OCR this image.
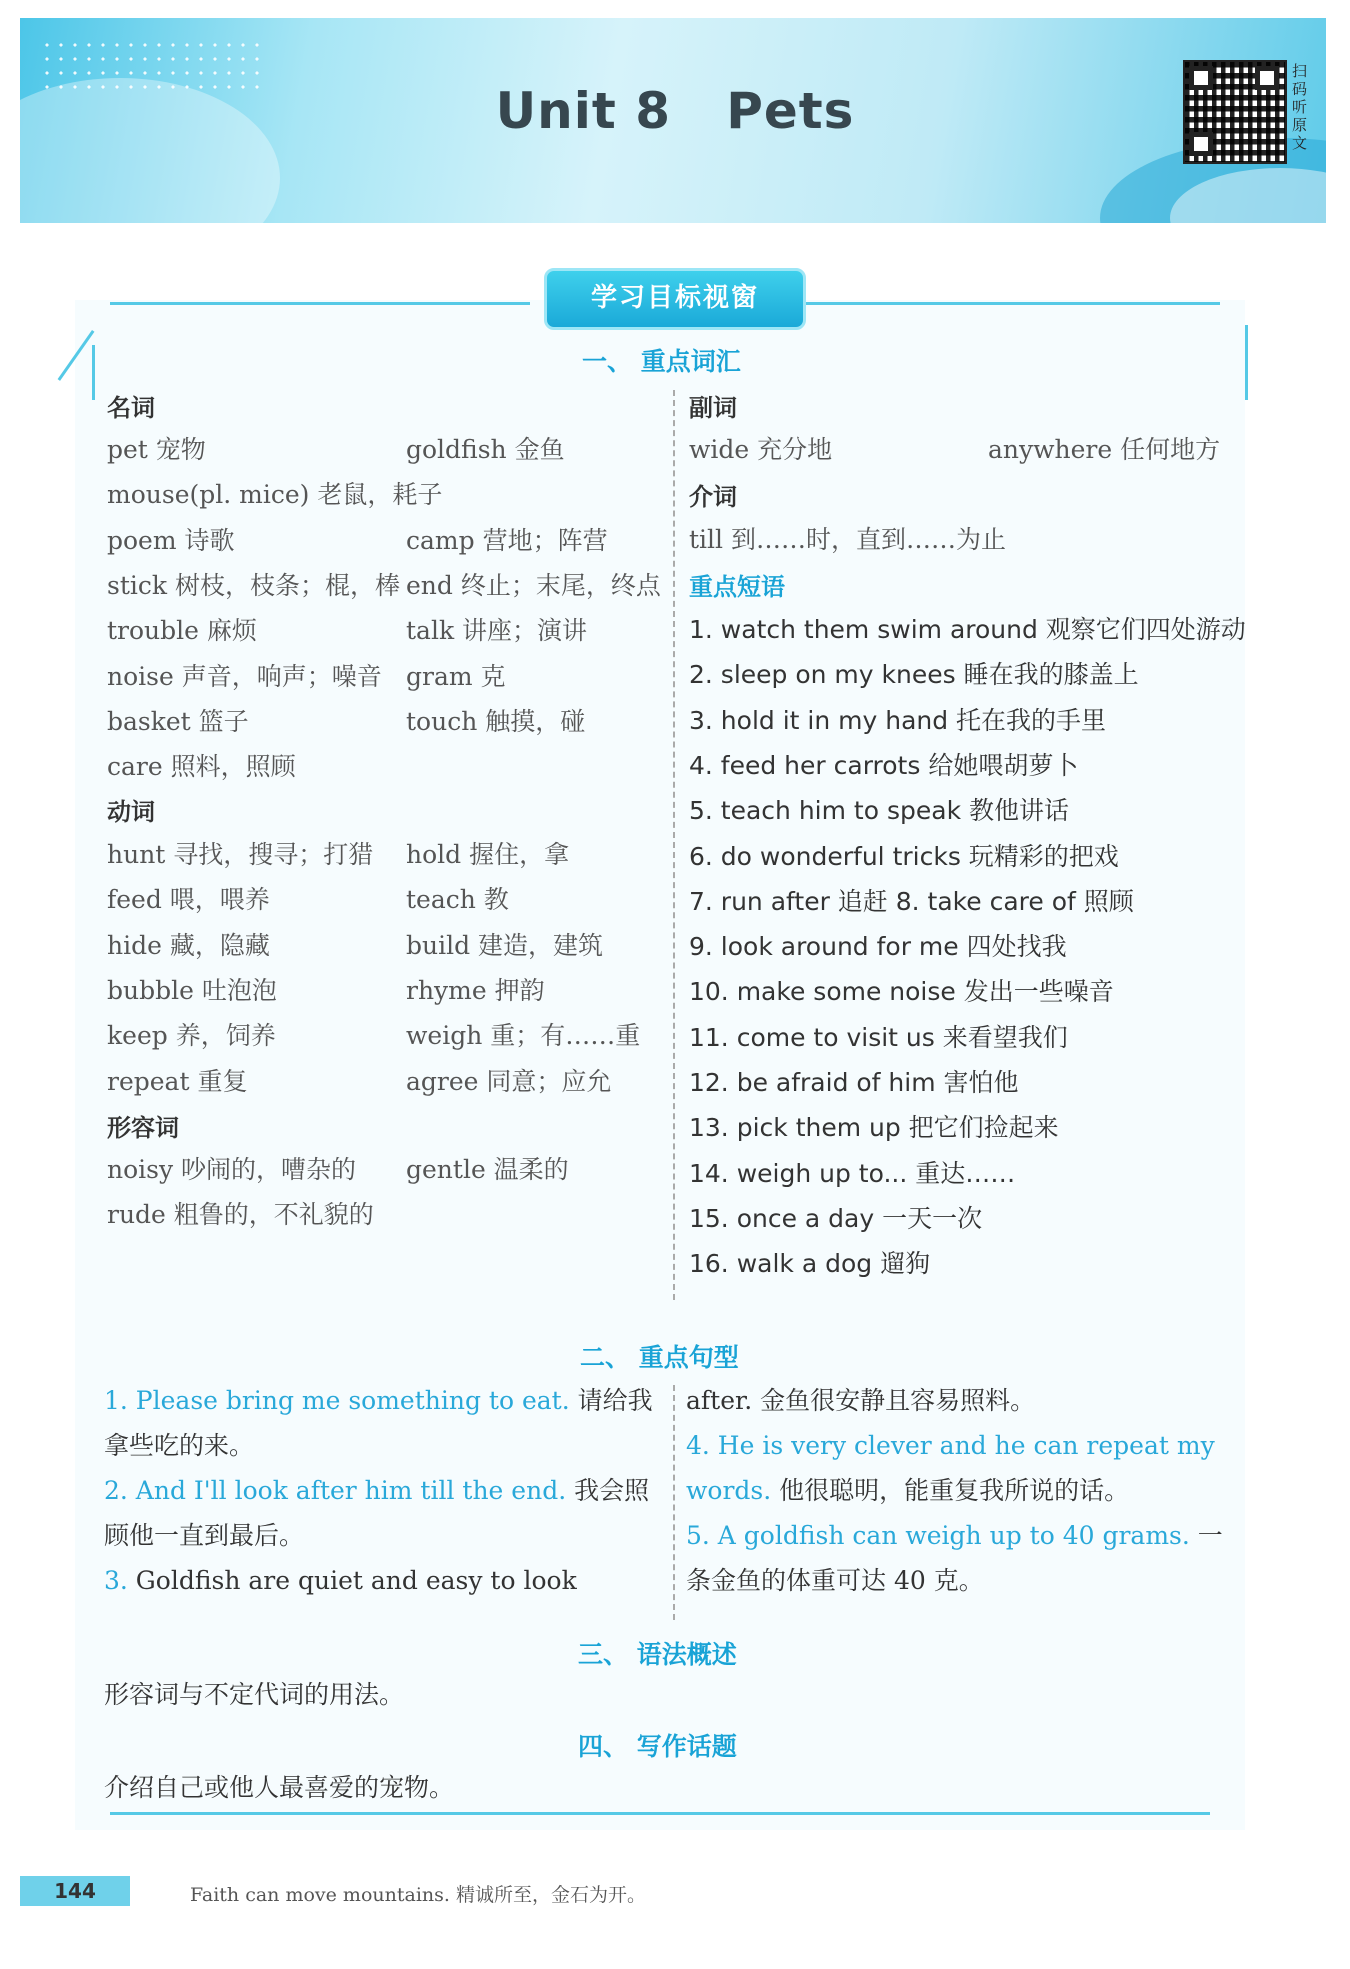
Unit 8   Pets
扫码听原文
学习目标视窗
一、 重点词汇
名词
pet 宠物	goldfish 金鱼
mouse(pl. mice) 老鼠，耗子
poem 诗歌	camp 营地；阵营
stick 树枝，枝条；棍，棒 end 终止；末尾，终点
trouble 麻烦	talk 讲座；演讲
noise 声音，响声；噪音 gram 克
basket 篮子	touch 触摸，碰
care 照料，照顾
动词
hunt 寻找，搜寻；打猎 hold 握住，拿
feed 喂，喂养	teach 教
hide 藏，隐藏	build 建造，建筑
bubble 吐泡泡	rhyme 押韵
keep 养，饲养	weigh 重；有……重
repeat 重复	agree 同意；应允
形容词
noisy 吵闹的，嘈杂的 gentle 温柔的
rude 粗鲁的，不礼貌的
副词
wide 充分地	anywhere 任何地方
介词
till 到……时，直到……为止
重点短语
1. watch them swim around 观察它们四处游动
2. sleep on my knees 睡在我的膝盖上
3. hold it in my hand 托在我的手里
4. feed her carrots 给她喂胡萝卜
5. teach him to speak 教他讲话
6. do wonderful tricks 玩精彩的把戏
7. run after 追赶 8. take care of 照顾
9. look around for me 四处找我
10. make some noise 发出一些噪音
11. come to visit us 来看望我们
12. be afraid of him 害怕他
13. pick them up 把它们捡起来
14. weigh up to... 重达……
15. once a day 一天一次
16. walk a dog 遛狗
二、 重点句型
1. Please bring me something to eat. 请给我拿些吃的来。
2. And I'll look after him till the end. 我会照顾他一直到最后。
3. Goldfish are quiet and easy to look
after. 金鱼很安静且容易照料。
4. He is very clever and he can repeat my words. 他很聪明，能重复我所说的话。
5. A goldfish can weigh up to 40 grams. 一条金鱼的体重可达 40 克。
三、 语法概述
形容词与不定代词的用法。
四、 写作话题
介绍自己或他人最喜爱的宠物。
144	Faith can move mountains. 精诚所至，金石为开。
